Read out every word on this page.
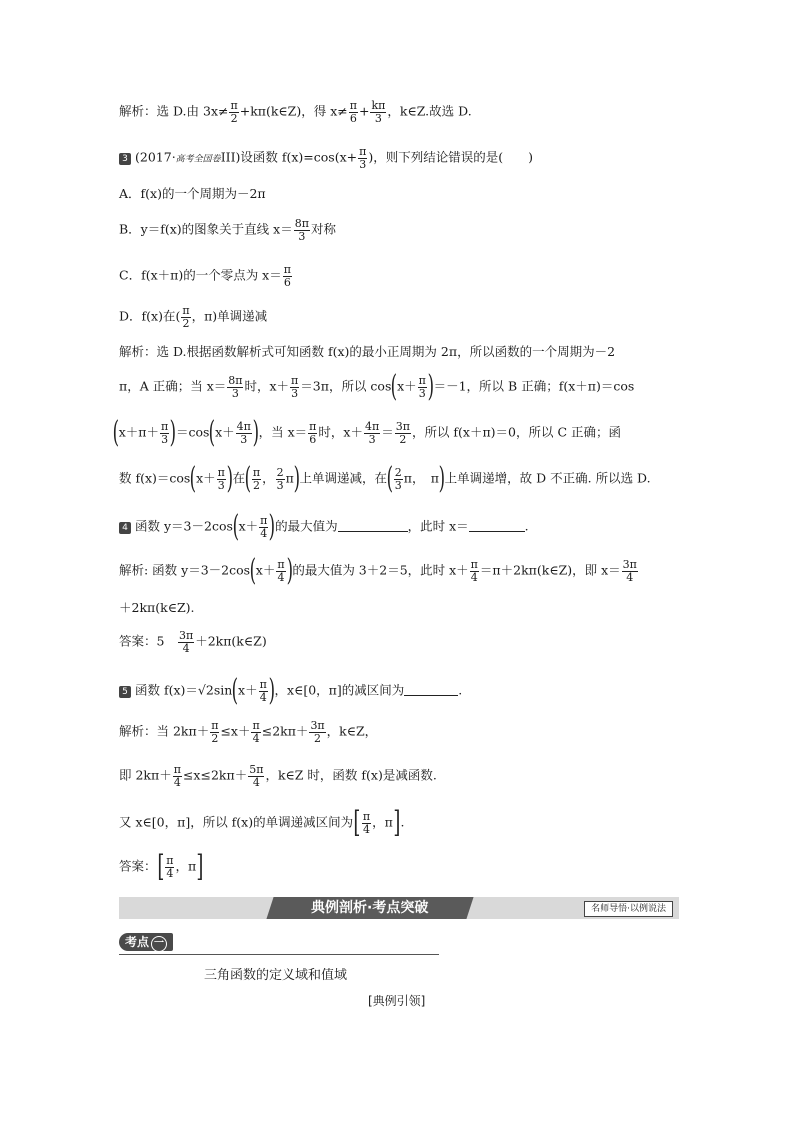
解析：选 D.由 $3x\ne \frac{\pi}{2}$ +kπ(k∈Z)，得 $x\ne \frac{\pi}{6} + \frac{k\pi}{3}$ ，k∈Z.故选 D.
3 (2017·高考全国卷III)设函数 $f(x)=\cos(x+ \frac{\pi}{3}$ )，则下列结论错误的是(　　)
A．f(x)的一个周期为－2π
B．y＝f(x)的图象关于直线 $x= \frac{8\pi}{3}$ 对称
C．f(x＋π)的一个零点为 $x= \frac{\pi}{6}$
D．f(x)在( $\frac{\pi}{2}$ ，π)单调递减
解析：选 D.根据函数解析式可知函数 f(x)的最小正周期为 2π，所以函数的一个周期为－2
π，A 正确；当 $x= \frac{8\pi}{3}$ 时，$x+ \frac{\pi}{3} =3\pi$，所以 $\cos(x+ \frac{\pi}{3} )=-1$，所以 B 正确；f(x＋π)＝cos
$(x+\pi+ \frac{\pi}{3} )=\cos(x+ \frac{4\pi}{3}$ )，当 $x= \frac{\pi}{6}$ 时，$x+ \frac{4\pi}{3} = \frac{3\pi}{2}$ ，所以 f(x＋π)＝0，所以 C 正确；函
数 $f(x)=\cos(x+ \frac{\pi}{3}$ )在( $\frac{\pi}{2}$ ， $\frac{2}{3} \pi$)上单调递减，在( $\frac{2}{3}$ π，　π)上单调递增，故 D 不正确. 所以选 D.
4 函数 $y=3-2\cos(x+ \frac{\pi}{4}$ )的最大值为	，此时 x＝	.
解析: 函数 $y=3-2\cos(x+ \frac{\pi}{4}$ )的最大值为 3＋2＝5，此时 $x+ \frac{\pi}{4}$ ＝π＋2kπ(k∈Z)，即 $x= \frac{3\pi}{4}$
＋2kπ(k∈Z).
答案：5　 $\frac{3\pi}{4}$ ＋2kπ(k∈Z)
5 函数 $f(x)=√2\sin(x+ \frac{\pi}{4}$ )，x∈[0，π]的减区间为	.
解析：当 $2k\pi+ \frac{\pi}{2} \le x+ \frac{\pi}{4} \le 2k\pi+ \frac{3\pi}{2}$ ，k∈Z，
即 $2k\pi+ \frac{\pi}{4} \le x\le 2k\pi+ \frac{5\pi}{4}$ ，k∈Z 时，函数 f(x)是减函数.
又 x∈[0，π]，所以 f(x)的单调递减区间为[ $\frac{\pi}{4}$ ，π].
答案：[ $\frac{\pi}{4}$ ，π]
典例剖析·考点突破	名师导悟·以例说法
考点 一
三角函数的定义域和值域
[典例引领]
